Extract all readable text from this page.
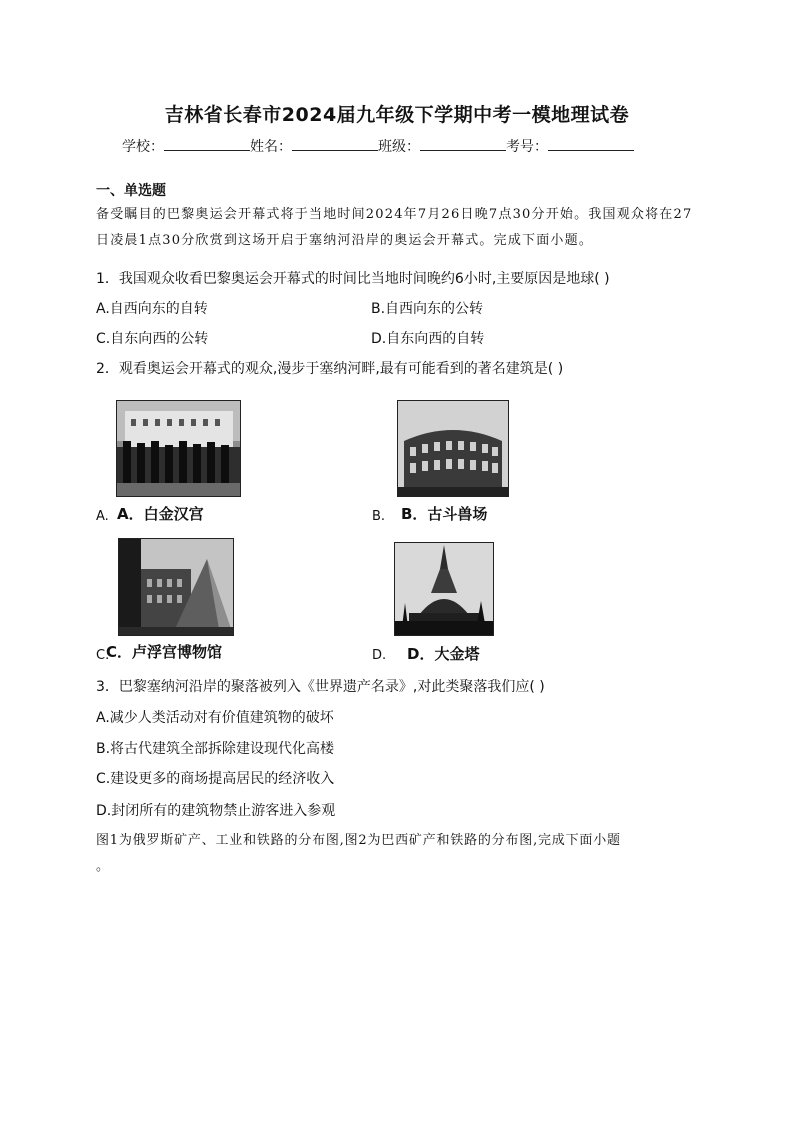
吉林省长春市2024届九年级下学期中考一模地理试卷
学校：	姓名：	班级：	考号：
一、单选题
备受瞩目的巴黎奥运会开幕式将于当地时间2024年7月26日晚7点30分开始。我国观众将在27日凌晨1点30分欣赏到这场开启于塞纳河沿岸的奥运会开幕式。完成下面小题。
1．我国观众收看巴黎奥运会开幕式的时间比当地时间晚约6小时,主要原因是地球( )
A.自西向东的自转	B.自西向东的公转
C.自东向西的公转	D.自东向西的自转
2．观看奥运会开幕式的观众,漫步于塞纳河畔,最有可能看到的著名建筑是( )
A. A．白金汉宫	B. B．古斗兽场
C.
C．卢浮宫博物馆	D. D．大金塔
3．巴黎塞纳河沿岸的聚落被列入《世界遗产名录》,对此类聚落我们应( )
A.减少人类活动对有价值建筑物的破坏
B.将古代建筑全部拆除建设现代化高楼
C.建设更多的商场提高居民的经济收入
D.封闭所有的建筑物禁止游客进入参观
图1为俄罗斯矿产、工业和铁路的分布图,图2为巴西矿产和铁路的分布图,完成下面小题
。
